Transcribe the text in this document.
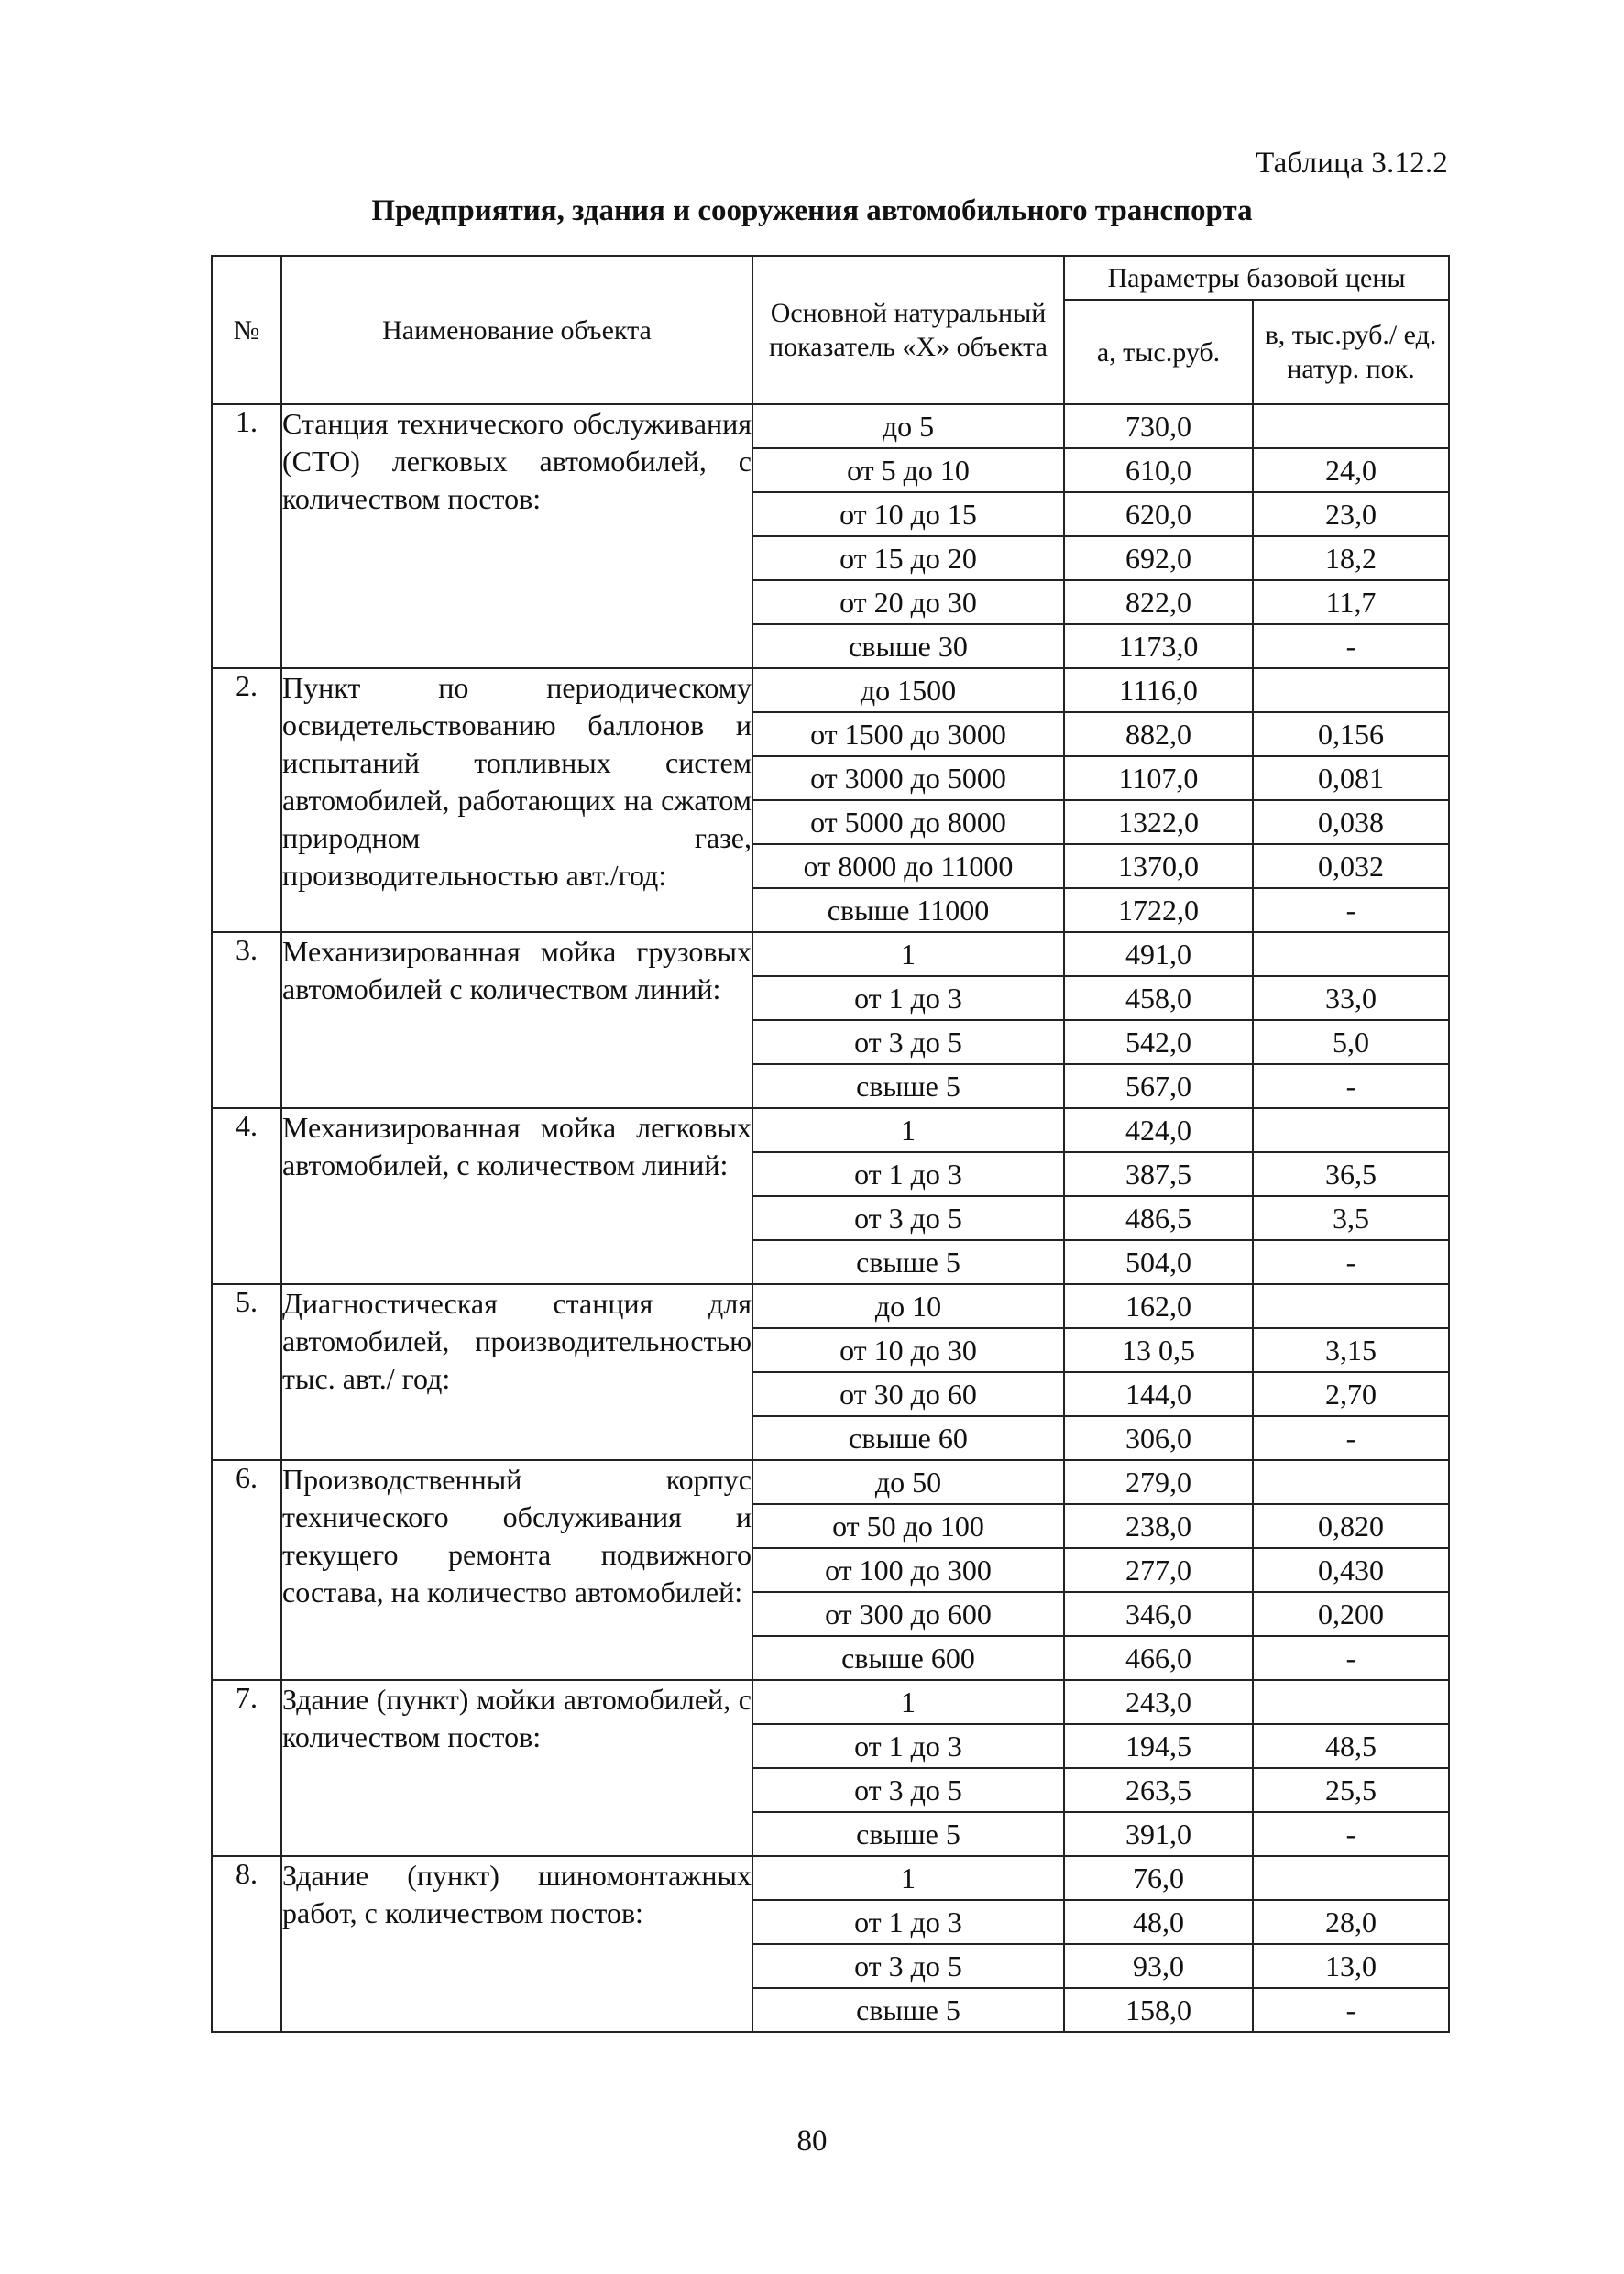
Таблица 3.12.2
Предприятия, здания и сооружения автомобильного транспорта
№	Наименование объекта	Основной натуральный показатель «Х» объекта	Параметры базовой цены	
			а, тыс.руб.	в, тыс.руб./ ед. натур. пок.
1.	Станция технического обслуживания (СТО) легковых автомобилей, с количеством постов:	до 5	730,0	
		от 5 до 10	610,0	24,0
		от 10 до 15	620,0	23,0
		от 15 до 20	692,0	18,2
		от 20 до 30	822,0	11,7
		свыше 30	1173,0	-
2.	Пункт по периодическому освидетельствованию баллонов и испытаний топливных систем автомобилей, работающих на сжатом природном газе, производительностью авт./год:	до 1500	1116,0	
		от 1500 до 3000	882,0	0,156
		от 3000 до 5000	1107,0	0,081
		от 5000 до 8000	1322,0	0,038
		от 8000 до 11000	1370,0	0,032
		свыше 11000	1722,0	-
3.	Механизированная мойка грузовых автомобилей с количеством линий:	1	491,0	
		от 1 до 3	458,0	33,0
		от 3 до 5	542,0	5,0
		свыше 5	567,0	-
4.	Механизированная мойка легковых автомобилей, с количеством линий:	1	424,0	
		от 1 до 3	387,5	36,5
		от 3 до 5	486,5	3,5
		свыше 5	504,0	-
5.	Диагностическая станция для автомобилей, производительностью тыс. авт./ год:	до 10	162,0	
		от 10 до 30	13 0,5	3,15
		от 30 до 60	144,0	2,70
		свыше 60	306,0	-
6.	Производственный корпус технического обслуживания и текущего ремонта подвижного состава, на количество автомобилей:	до 50	279,0	
		от 50 до 100	238,0	0,820
		от 100 до 300	277,0	0,430
		от 300 до 600	346,0	0,200
		свыше 600	466,0	-
7.	Здание (пункт) мойки автомобилей, с количеством постов:	1	243,0	
		от 1 до 3	194,5	48,5
		от 3 до 5	263,5	25,5
		свыше 5	391,0	-
8.	Здание (пункт) шиномонтажных работ, с количеством постов:	1	76,0	
		от 1 до 3	48,0	28,0
		от 3 до 5	93,0	13,0
		свыше 5	158,0	-
80
